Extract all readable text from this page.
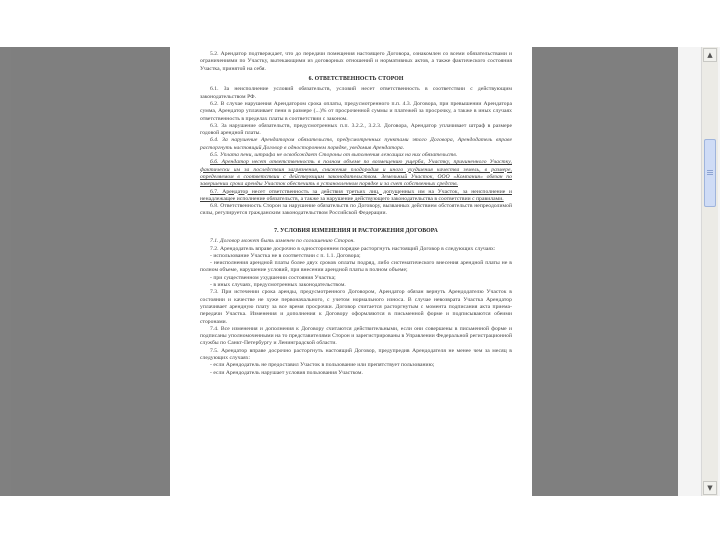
5.2. Арендатор подтверждает, что до передачи помещения настоящего Договора, ознакомлен со всеми обязательствами и ограничениями по Участку, вытекающими из договорных отношений и нормативных актов, а также фактического состояния Участка, принятой на себя.

6. ОТВЕТСТВЕННОСТЬ СТОРОН

6.1. За неисполнение условий обязательств, условий несет ответственность в соответствии с действующим законодательством РФ.

6.2. В случае нарушения Арендатором срока оплаты, предусмотренного п.п. 4.3. Договора, при превышении Арендатора сумма, Арендатор уплачивает пени в размере (...)% от просроченной суммы и платежей за просрочку, а также в иных случаях ответственность в пределах платы в соответствии с законом.

6.3. За нарушение обязательств, предусмотренных п.п. 3.2.2., 3.2.3. Договора, Арендатор уплачивает штраф в размере годовой арендной платы.

6.4. За нарушение Арендатором обязательств, предусмотренных пунктами этого Договора, Арендодатель вправе расторгнуть настоящий Договор в одностороннем порядке, уведомив Арендатора.

6.5. Уплата пени, штрафа не освобождает Стороны от выполнения лежащих на них обязательств.

6.6. Арендатор несет ответственность в полном объеме по возмещению ущерба, Участку, причиненного Участку, фактически им за последствия загрязнения, снижения плодородия и иного ухудшения качества земель, в размере, определяемом в соответствии с действующим законодательством. Земельный Участок, ООО «Компания» обязан по завершении срока аренды Участок обеспечить в установленном порядке и за счет собственных средств.

6.7. Арендатор несет ответственность за действия третьих лиц, допущенных им на Участок, за неисполнение и ненадлежащее исполнение обязательств, а также за нарушение действующего законодательства в соответствии с правилами.

6.8. Ответственность Сторон за нарушение обязательств по Договору, вызванных действием обстоятельств непреодолимой силы, регулируется гражданским законодательством Российской Федерации.

7. УСЛОВИЯ ИЗМЕНЕНИЯ И РАСТОРЖЕНИЯ ДОГОВОРА

7.1. Договор может быть изменен по соглашению Сторон.

7.2. Арендодатель вправе досрочно в одностороннем порядке расторгнуть настоящий Договор в следующих случаях:

- использование Участка не в соответствии с п. 1.1. Договора;

- неисполнения арендной платы более двух сроков оплаты подряд, либо систематического внесения арендной платы не в полном объеме, нарушение условий, при внесении арендной платы в полном объеме;

- при существенном ухудшении состояния Участка;

- в иных случаях, предусмотренных законодательством.

7.3. При истечении срока аренды, предусмотренного Договором, Арендатор обязан вернуть Арендодателю Участок в состоянии и качестве не хуже первоначального, с учетом нормального износа. В случае невозврата Участка Арендатор уплачивает арендную плату за все время просрочки. Договор считается расторгнутым с момента подписания акта приема-передачи Участка. Изменения и дополнения к Договору оформляются в письменной форме и подписываются обеими сторонами.

7.4. Все изменения и дополнения к Договору считаются действительными, если они совершены в письменной форме и подписаны уполномоченными на то представителями Сторон и зарегистрированы в Управлении Федеральной регистрационной службы по Санкт-Петербургу и Ленинградской области.

7.5. Арендатор вправе досрочно расторгнуть настоящий Договор, предупредив Арендодателя не менее чем за месяц в следующих случаях:

- если Арендодатель не предоставил Участок в пользование или препятствует пользованию;

- если Арендодатель нарушает условия пользования Участком.

▲
▼
